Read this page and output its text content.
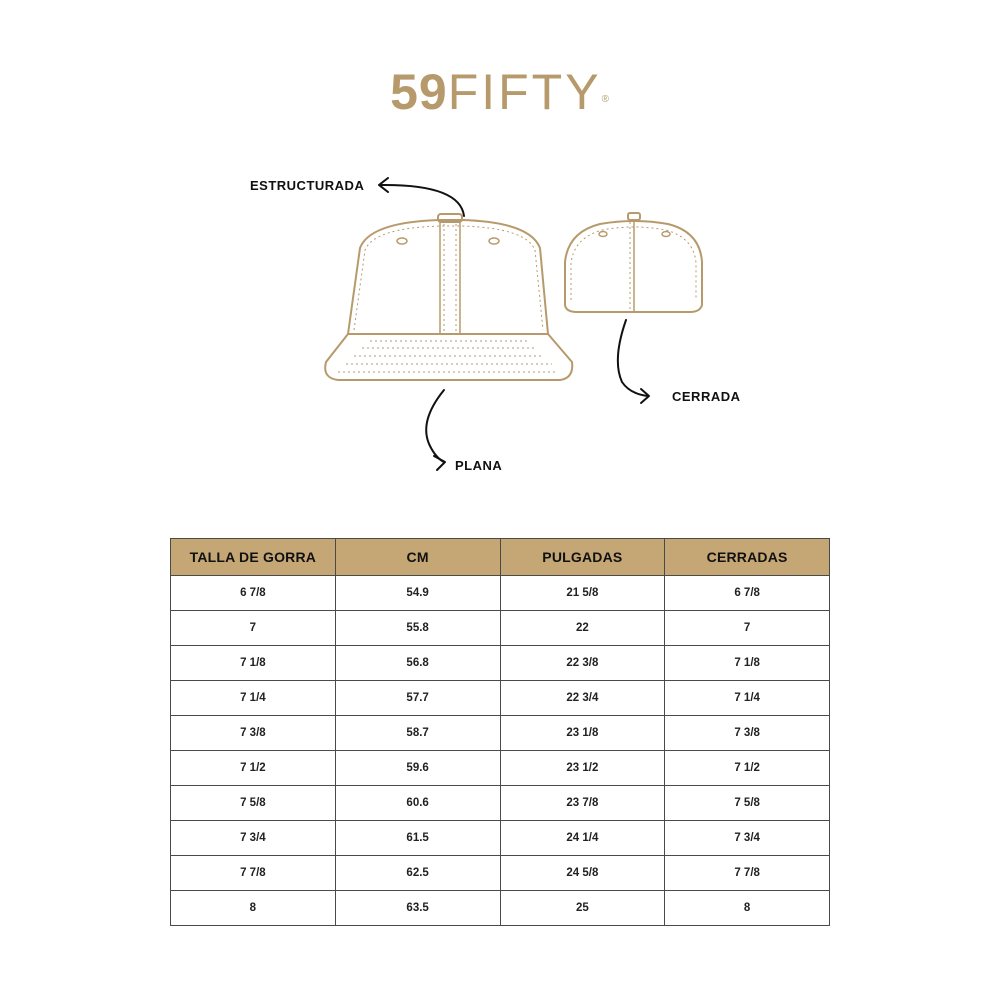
59FIFTY®
ESTRUCTURADA
PLANA
CERRADA
TALLA DE GORRA	CM	PULGADAS	CERRADAS
6 7/8	54.9	21 5/8	6 7/8
7	55.8	22	7
7 1/8	56.8	22 3/8	7 1/8
7 1/4	57.7	22 3/4	7 1/4
7 3/8	58.7	23 1/8	7 3/8
7 1/2	59.6	23 1/2	7 1/2
7 5/8	60.6	23 7/8	7 5/8
7 3/4	61.5	24 1/4	7 3/4
7 7/8	62.5	24 5/8	7 7/8
8	63.5	25	8
